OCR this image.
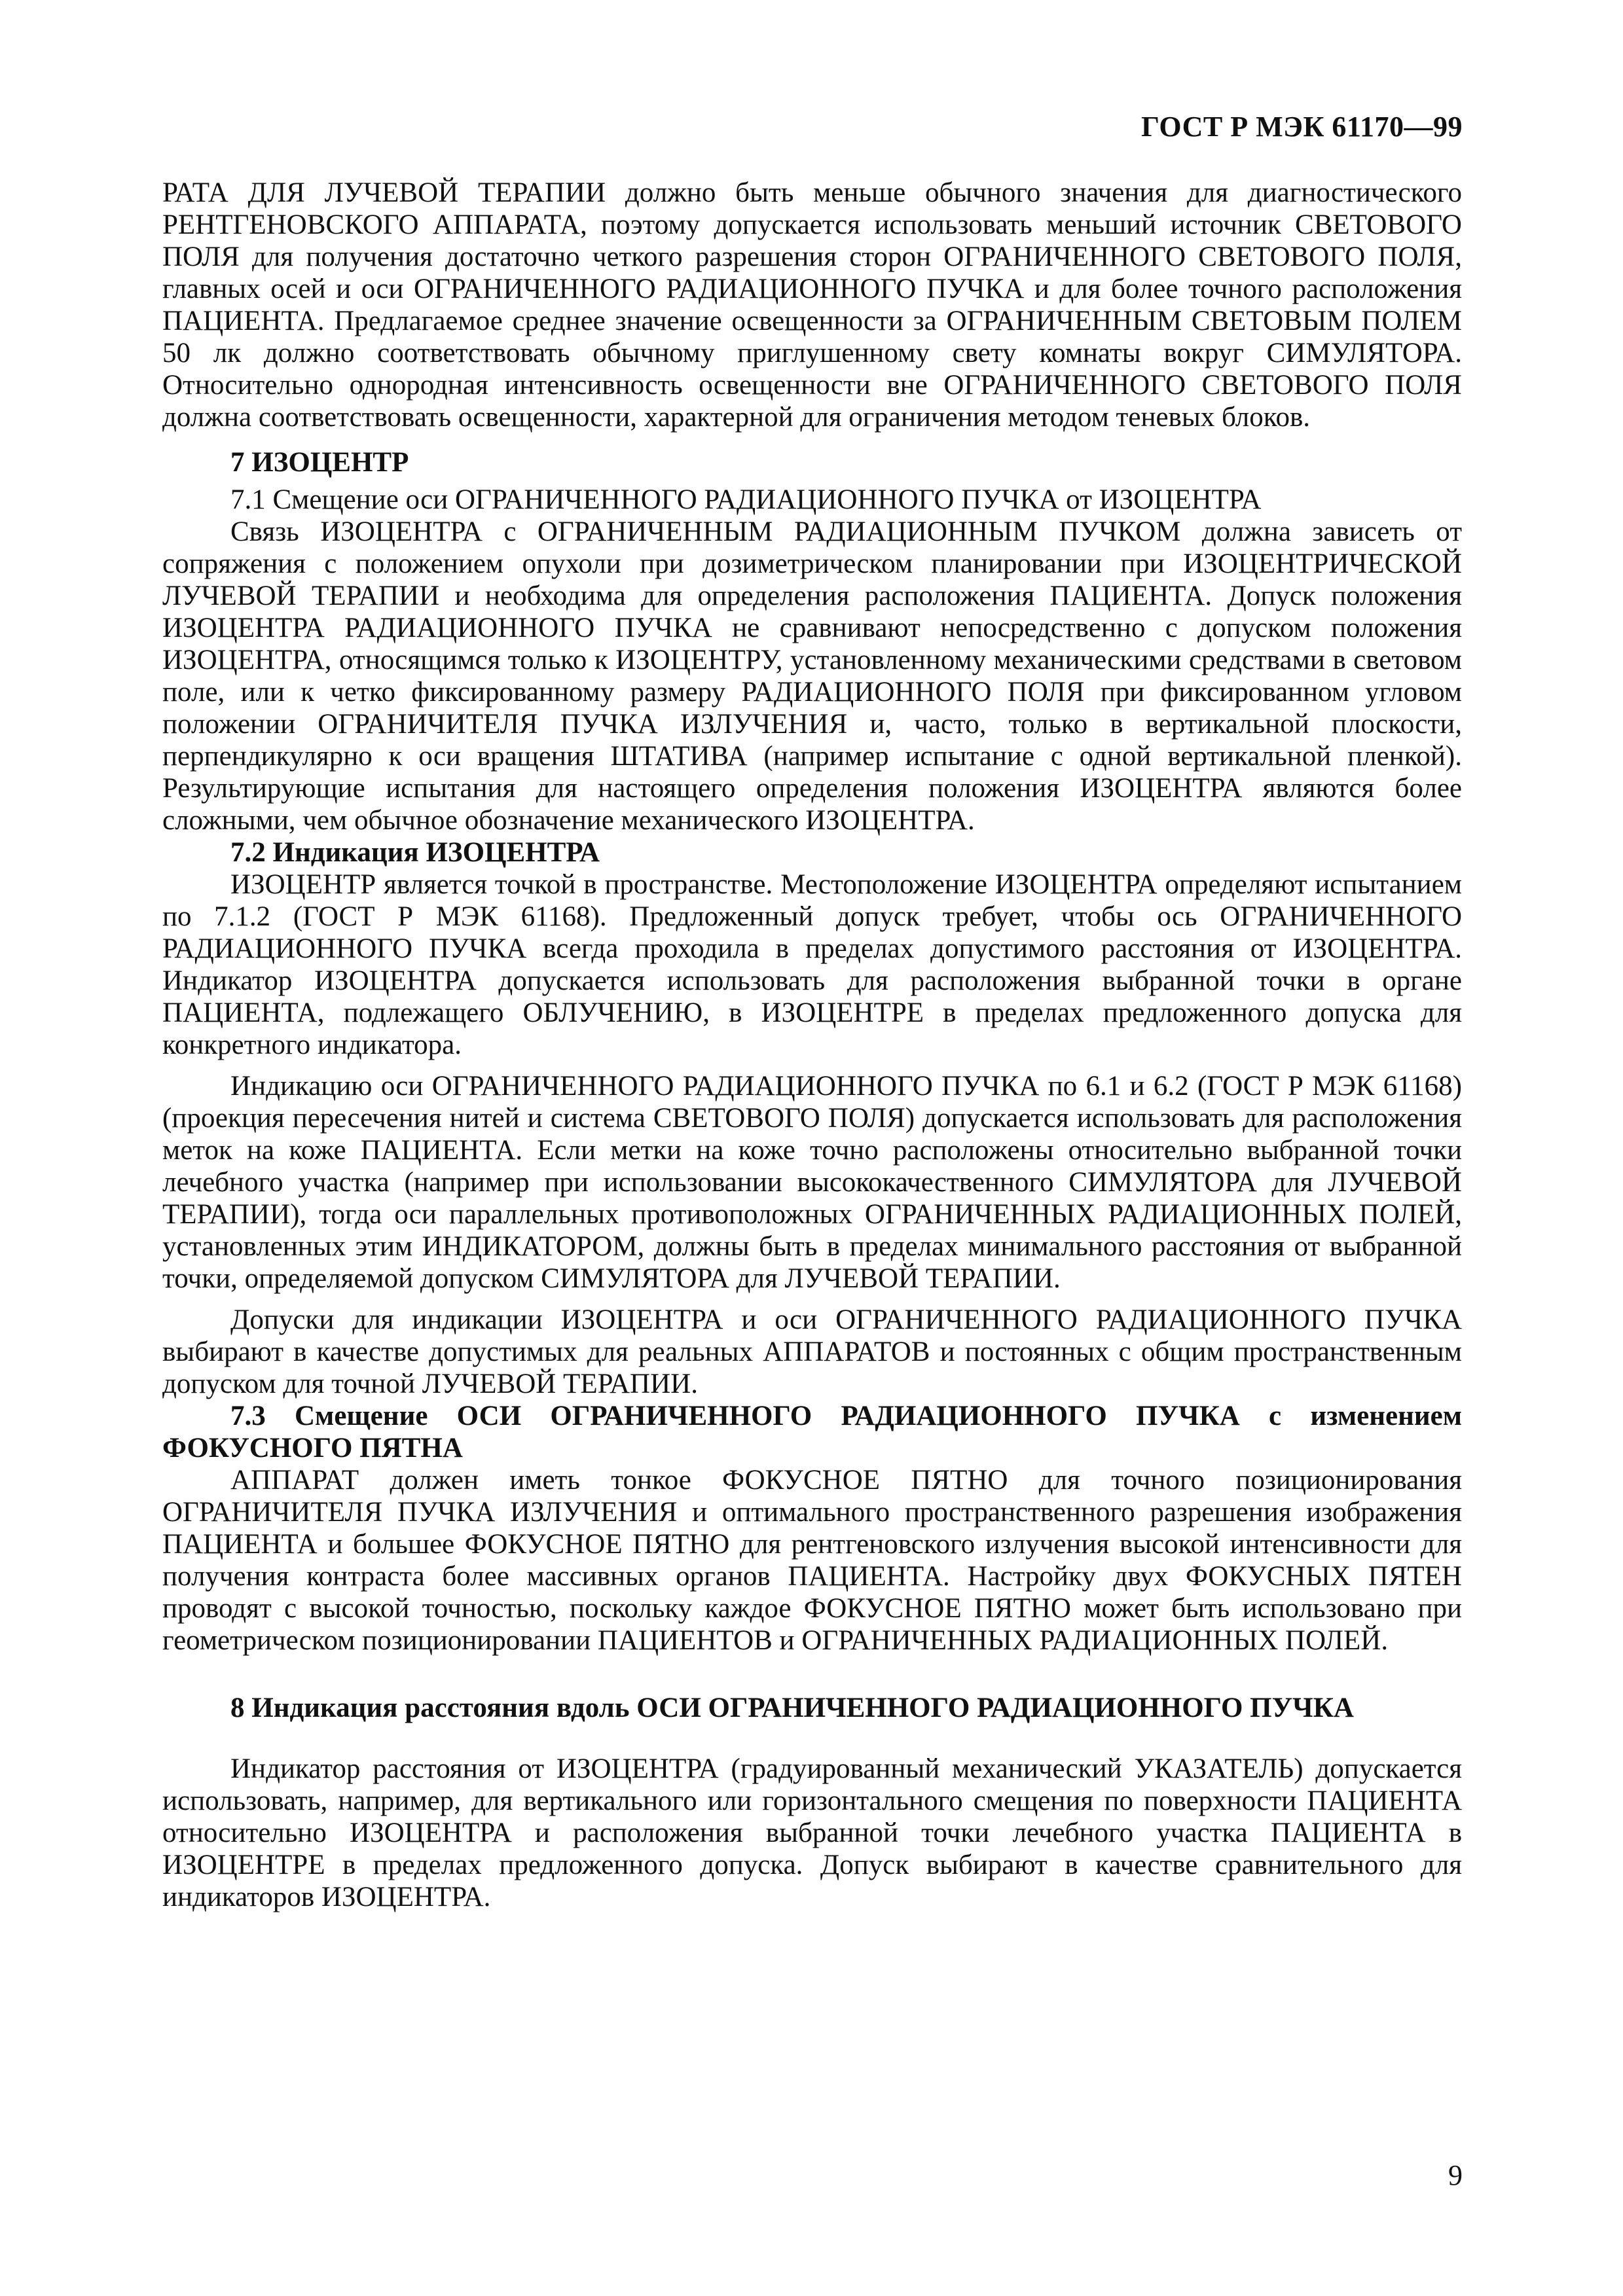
ГОСТ Р МЭК 61170—99

РАТА ДЛЯ ЛУЧЕВОЙ ТЕРАПИИ должно быть меньше обычного значения для диагностического РЕНТГЕНОВСКОГО АППАРАТА, поэтому допускается использовать меньший источник СВЕТОВОГО ПОЛЯ для получения достаточно четкого разрешения сторон ОГРАНИЧЕННОГО СВЕТОВОГО ПОЛЯ, главных осей и оси ОГРАНИЧЕННОГО РАДИАЦИОННОГО ПУЧКА и для более точного расположения ПАЦИЕНТА. Предлагаемое среднее значение освещенности за ОГРАНИЧЕННЫМ СВЕТОВЫМ ПОЛЕМ 50 лк должно соответствовать обычному приглушенному свету комнаты вокруг СИМУЛЯТОРА. Относительно однородная интенсивность освещенности вне ОГРАНИЧЕННОГО СВЕТОВОГО ПОЛЯ должна соответствовать освещенности, характерной для ограничения методом теневых блоков.

7 ИЗОЦЕНТР

7.1 Смещение оси ОГРАНИЧЕННОГО РАДИАЦИОННОГО ПУЧКА от ИЗОЦЕНТРА

Связь ИЗОЦЕНТРА с ОГРАНИЧЕННЫМ РАДИАЦИОННЫМ ПУЧКОМ должна зависеть от сопряжения с положением опухоли при дозиметрическом планировании при ИЗОЦЕНТРИЧЕСКОЙ ЛУЧЕВОЙ ТЕРАПИИ и необходима для определения расположения ПАЦИЕНТА. Допуск положения ИЗОЦЕНТРА РАДИАЦИОННОГО ПУЧКА не сравнивают непосредственно с допуском положения ИЗОЦЕНТРА, относящимся только к ИЗОЦЕНТРУ, установленному механическими средствами в световом поле, или к четко фиксированному размеру РАДИАЦИОННОГО ПОЛЯ при фиксированном угловом положении ОГРАНИЧИТЕЛЯ ПУЧКА ИЗЛУЧЕНИЯ и, часто, только в вертикальной плоскости, перпендикулярно к оси вращения ШТАТИВА (например испытание с одной вертикальной пленкой). Результирующие испытания для настоящего определения положения ИЗОЦЕНТРА являются более сложными, чем обычное обозначение механического ИЗОЦЕНТРА.

7.2 Индикация ИЗОЦЕНТРА

ИЗОЦЕНТР является точкой в пространстве. Местоположение ИЗОЦЕНТРА определяют испытанием по 7.1.2 (ГОСТ Р МЭК 61168). Предложенный допуск требует, чтобы ось ОГРАНИЧЕННОГО РАДИАЦИОННОГО ПУЧКА всегда проходила в пределах допустимого расстояния от ИЗОЦЕНТРА. Индикатор ИЗОЦЕНТРА допускается использовать для расположения выбранной точки в органе ПАЦИЕНТА, подлежащего ОБЛУЧЕНИЮ, в ИЗОЦЕНТРЕ в пределах предложенного допуска для конкретного индикатора.

Индикацию оси ОГРАНИЧЕННОГО РАДИАЦИОННОГО ПУЧКА по 6.1 и 6.2 (ГОСТ Р МЭК 61168) (проекция пересечения нитей и система СВЕТОВОГО ПОЛЯ) допускается использовать для расположения меток на коже ПАЦИЕНТА. Если метки на коже точно расположены относительно выбранной точки лечебного участка (например при использовании высококачественного СИМУЛЯТОРА для ЛУЧЕВОЙ ТЕРАПИИ), тогда оси параллельных противоположных ОГРАНИЧЕННЫХ РАДИАЦИОННЫХ ПОЛЕЙ, установленных этим ИНДИКАТОРОМ, должны быть в пределах минимального расстояния от выбранной точки, определяемой допуском СИМУЛЯТОРА для ЛУЧЕВОЙ ТЕРАПИИ.

Допуски для индикации ИЗОЦЕНТРА и оси ОГРАНИЧЕННОГО РАДИАЦИОННОГО ПУЧКА выбирают в качестве допустимых для реальных АППАРАТОВ и постоянных с общим пространственным допуском для точной ЛУЧЕВОЙ ТЕРАПИИ.

7.3 Смещение ОСИ ОГРАНИЧЕННОГО РАДИАЦИОННОГО ПУЧКА с изменением ФОКУСНОГО ПЯТНА

АППАРАТ должен иметь тонкое ФОКУСНОЕ ПЯТНО для точного позиционирования ОГРАНИЧИТЕЛЯ ПУЧКА ИЗЛУЧЕНИЯ и оптимального пространственного разрешения изображения ПАЦИЕНТА и большее ФОКУСНОЕ ПЯТНО для рентгеновского излучения высокой интенсивности для получения контраста более массивных органов ПАЦИЕНТА. Настройку двух ФОКУСНЫХ ПЯТЕН проводят с высокой точностью, поскольку каждое ФОКУСНОЕ ПЯТНО может быть использовано при геометрическом позиционировании ПАЦИЕНТОВ и ОГРАНИЧЕННЫХ РАДИАЦИОННЫХ ПОЛЕЙ.

8 Индикация расстояния вдоль ОСИ ОГРАНИЧЕННОГО РАДИАЦИОННОГО ПУЧКА

Индикатор расстояния от ИЗОЦЕНТРА (градуированный механический УКАЗАТЕЛЬ) допускается использовать, например, для вертикального или горизонтального смещения по поверхности ПАЦИЕНТА относительно ИЗОЦЕНТРА и расположения выбранной точки лечебного участка ПАЦИЕНТА в ИЗОЦЕНТРЕ в пределах предложенного допуска. Допуск выбирают в качестве сравнительного для индикаторов ИЗОЦЕНТРА.

9
